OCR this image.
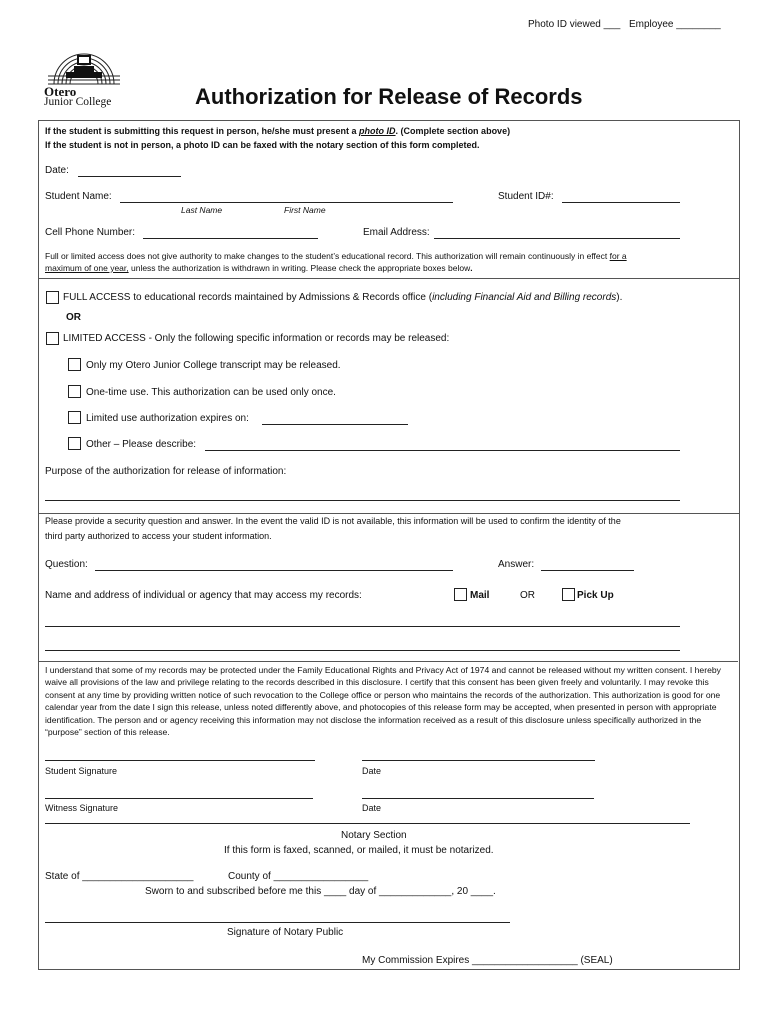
Photo ID viewed ___ Employee ________
Otero
Junior College	Authorization for Release of Records
If the student is submitting this request in person, he/she must present a photo ID. (Complete section above)
If the student is not in person, a photo ID can be faxed with the notary section of this form completed.
Date:
Student Name:	Student ID#:
Last Name	First Name
Cell Phone Number:	Email Address:
Full or limited access does not give authority to make changes to the student’s educational record. This authorization will remain continuously in effect for a
maximum of one year, unless the authorization is withdrawn in writing. Please check the appropriate boxes below.
FULL ACCESS to educational records maintained by Admissions & Records office (including Financial Aid and Billing records).
OR
LIMITED ACCESS - Only the following specific information or records may be released:
Only my Otero Junior College transcript may be released.
One-time use. This authorization can be used only once.
Limited use authorization expires on:
Other – Please describe:
Purpose of the authorization for release of information:
Please provide a security question and answer. In the event the valid ID is not available, this information will be used to confirm the identity of the
third party authorized to access your student information.
Question:	Answer:
Name and address of individual or agency that may access my records:	Mail	OR	Pick Up
I understand that some of my records may be protected under the Family Educational Rights and Privacy Act of 1974 and cannot be released without my written consent. I hereby waive all provisions of the law and privilege relating to the records described in this disclosure. I certify that this consent has been given freely and voluntarily. I may revoke this consent at any time by providing written notice of such revocation to the College office or person who maintains the records of the authorization. This authorization is good for one calendar year from the date I sign this release, unless noted differently above, and photocopies of this release form may be accepted, when presented in person with appropriate identification. The person and or agency receiving this information may not disclose the information received as a result of this disclosure unless specifically authorized in the “purpose” section of this release.
Student Signature	Date
Witness Signature	Date
Notary Section
If this form is faxed, scanned, or mailed, it must be notarized.
State of ____________________	County of _________________
Sworn to and subscribed before me this ____ day of _____________, 20 ____.
Signature of Notary Public
My Commission Expires ___________________ (SEAL)
